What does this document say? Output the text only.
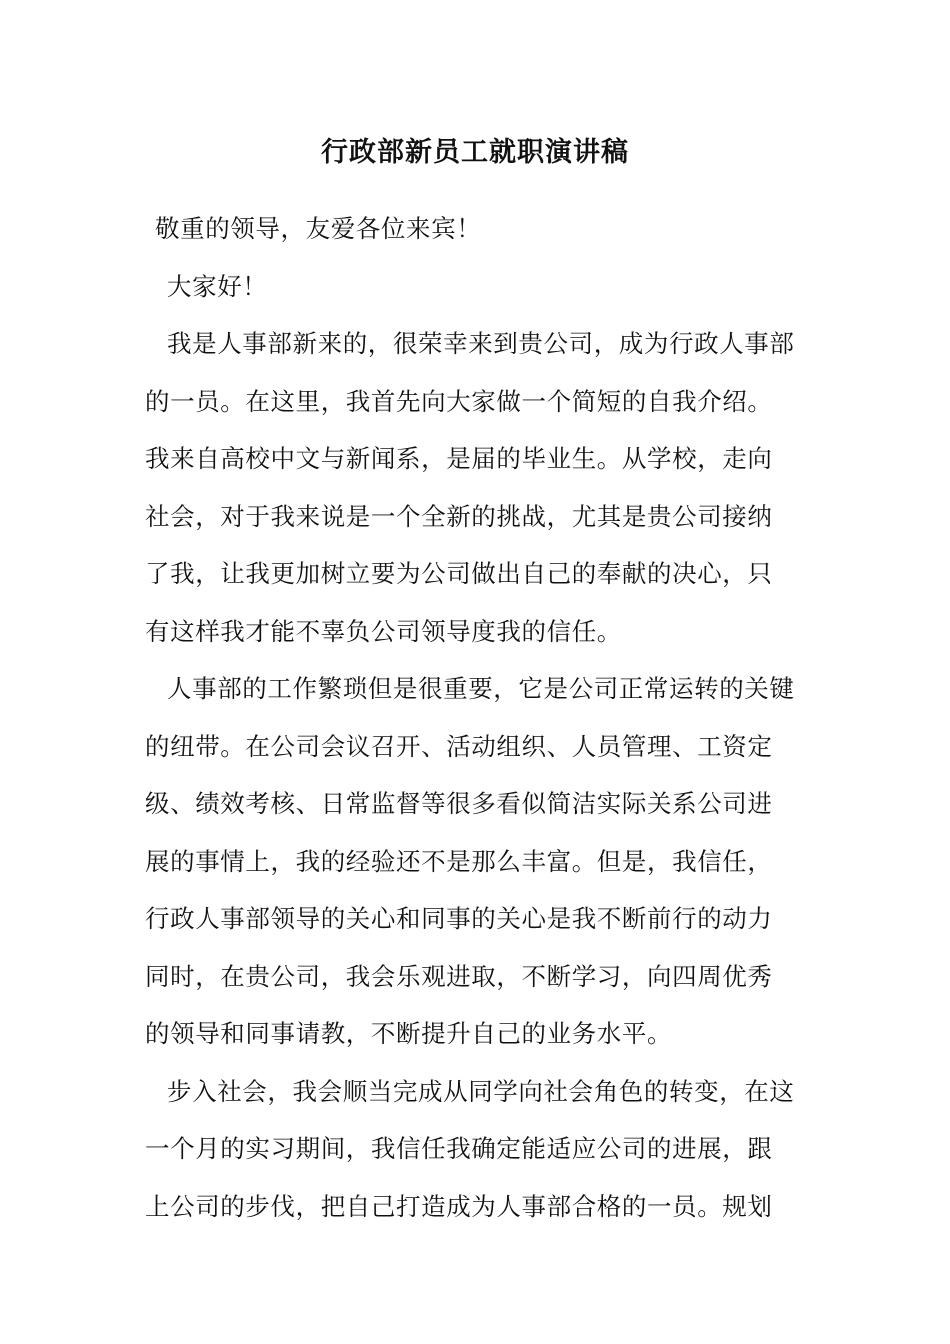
行政部新员工就职演讲稿
敬重的领导，友爱各位来宾！
大家好！
我是人事部新来的，很荣幸来到贵公司，成为行政人事部
的一员。在这里，我首先向大家做一个简短的自我介绍。
我来自高校中文与新闻系，是届的毕业生。从学校，走向
社会，对于我来说是一个全新的挑战，尤其是贵公司接纳
了我，让我更加树立要为公司做出自己的奉献的决心，只
有这样我才能不辜负公司领导度我的信任。
人事部的工作繁琐但是很重要，它是公司正常运转的关键
的纽带。在公司会议召开、活动组织、人员管理、工资定
级、绩效考核、日常监督等很多看似简洁实际关系公司进
展的事情上，我的经验还不是那么丰富。但是，我信任，
行政人事部领导的关心和同事的关心是我不断前行的动力
同时，在贵公司，我会乐观进取，不断学习，向四周优秀
的领导和同事请教，不断提升自己的业务水平。
步入社会，我会顺当完成从同学向社会角色的转变，在这
一个月的实习期间，我信任我确定能适应公司的进展，跟
上公司的步伐，把自己打造成为人事部合格的一员。规划
